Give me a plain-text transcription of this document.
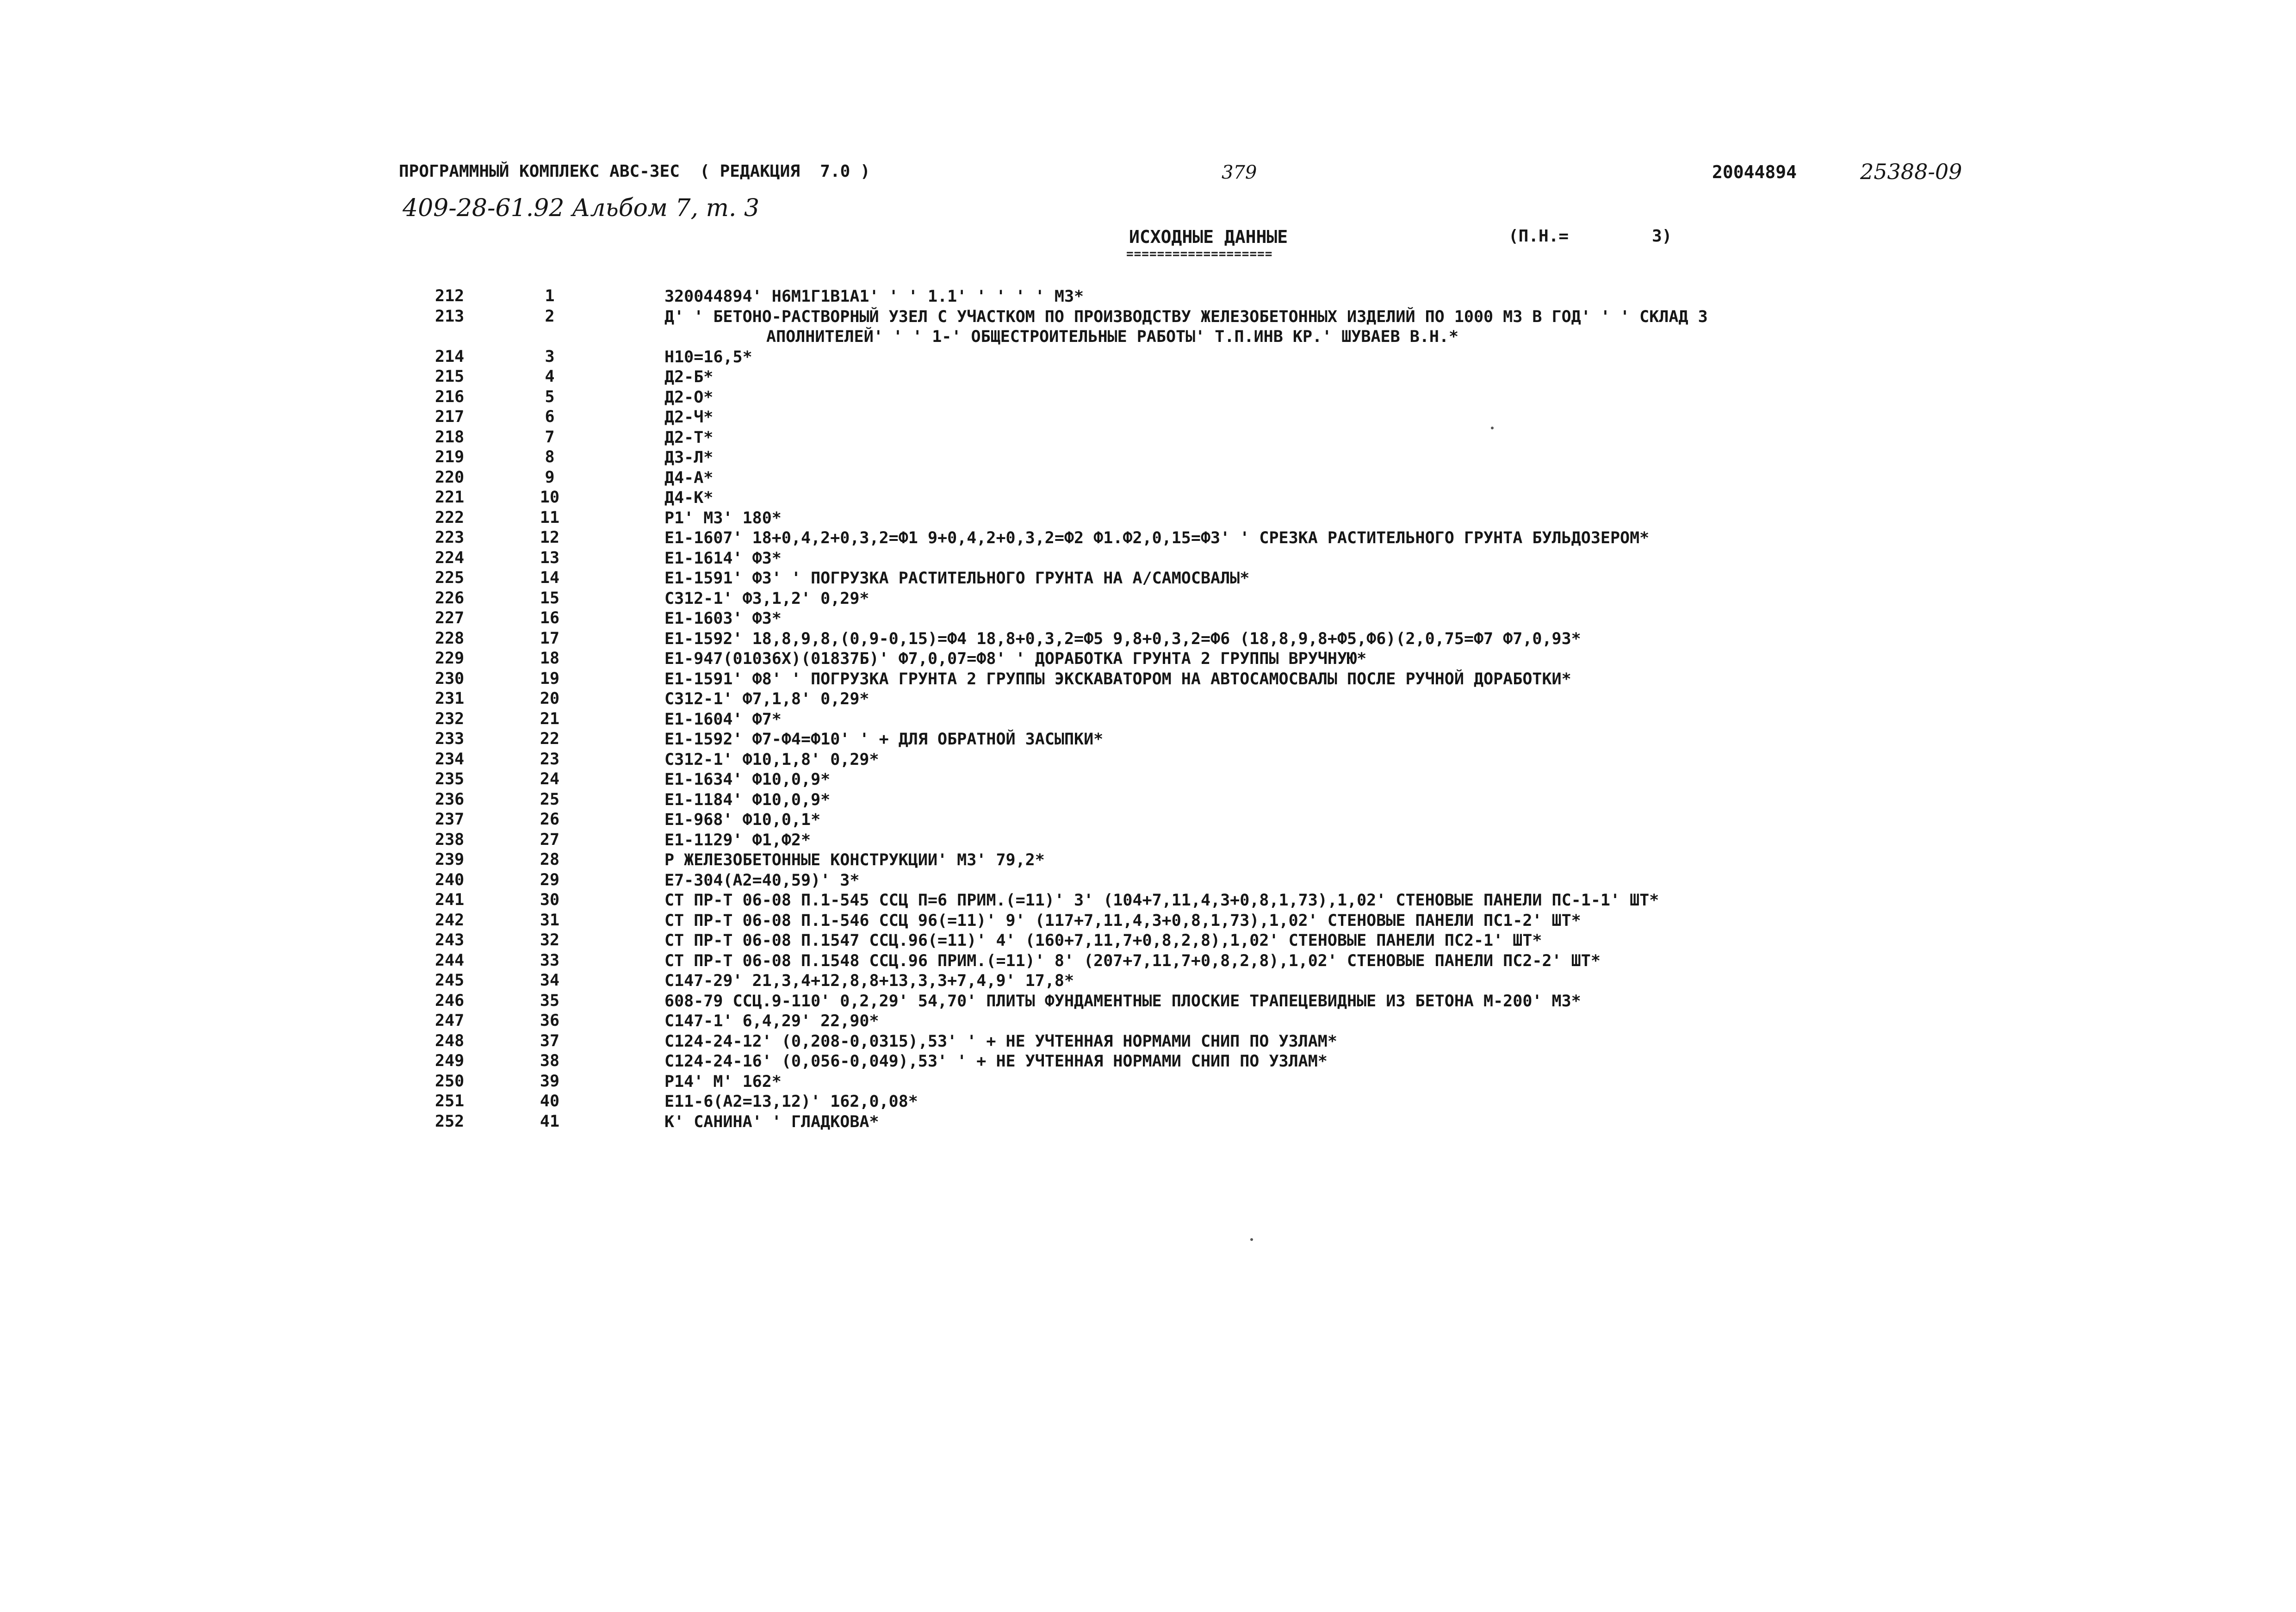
ПРОГРАММНЫЙ КОМПЛЕКС АВС-ЗЕС  ( РЕДАКЦИЯ  7.0 )	379	20044894	25388-09
409-28-61.92 Альбом 7, т. 3
ИСХОДНЫЕ ДАННЫЕ
===================
(П.Н.=	3)
212	1	320044894' Н6М1Г1В1А1' ' ' 1.1' ' ' ' ' М3*
213	2	Д' ' БЕТОНО-РАСТВОРНЫЙ УЗЕЛ С УЧАСТКОМ ПО ПРОИЗВОДСТВУ ЖЕЛЕЗОБЕТОННЫХ ИЗДЕЛИЙ ПО 1000 М3 В ГОД' ' ' СКЛАД З
АПОЛНИТЕЛЕЙ' ' ' 1-' ОБЩЕСТРОИТЕЛЬНЫЕ РАБОТЫ' Т.П.ИНВ КР.' ШУВАЕВ В.Н.*
214	3	Н10=16,5*
215	4	Д2-Б*
216	5	Д2-О*
217	6	Д2-Ч*
218	7	Д2-Т*
219	8	Д3-Л*
220	9	Д4-А*
221	10	Д4-К*
222	11	Р1' М3' 180*
223	12	Е1-1607' 18+0,4,2+0,3,2=Ф1 9+0,4,2+0,3,2=Ф2 Ф1.Ф2,0,15=Ф3' ' СРЕЗКА РАСТИТЕЛЬНОГО ГРУНТА БУЛЬДОЗЕРОМ*
224	13	Е1-1614' Ф3*
225	14	Е1-1591' Ф3' ' ПОГРУЗКА РАСТИТЕЛЬНОГО ГРУНТА НА А/САМОСВАЛЫ*
226	15	С312-1' Ф3,1,2' 0,29*
227	16	Е1-1603' Ф3*
228	17	Е1-1592' 18,8,9,8,(0,9-0,15)=Ф4 18,8+0,3,2=Ф5 9,8+0,3,2=Ф6 (18,8,9,8+Ф5,Ф6)(2,0,75=Ф7 Ф7,0,93*
229	18	Е1-947(01036Х)(01837Б)' Ф7,0,07=Ф8' ' ДОРАБОТКА ГРУНТА 2 ГРУППЫ ВРУЧНУЮ*
230	19	Е1-1591' Ф8' ' ПОГРУЗКА ГРУНТА 2 ГРУППЫ ЭКСКАВАТОРОМ НА АВТОСАМОСВАЛЫ ПОСЛЕ РУЧНОЙ ДОРАБОТКИ*
231	20	С312-1' Ф7,1,8' 0,29*
232	21	Е1-1604' Ф7*
233	22	Е1-1592' Ф7-Ф4=Ф10' ' + ДЛЯ ОБРАТНОЙ ЗАСЫПКИ*
234	23	С312-1' Ф10,1,8' 0,29*
235	24	Е1-1634' Ф10,0,9*
236	25	Е1-1184' Ф10,0,9*
237	26	Е1-968' Ф10,0,1*
238	27	Е1-1129' Ф1,Ф2*
239	28	Р ЖЕЛЕЗОБЕТОННЫЕ КОНСТРУКЦИИ' М3' 79,2*
240	29	Е7-304(А2=40,59)' 3*
241	30	СТ ПР-Т 06-08 П.1-545 ССЦ П=6 ПРИМ.(=11)' 3' (104+7,11,4,3+0,8,1,73),1,02' СТЕНОВЫЕ ПАНЕЛИ ПС-1-1' ШТ*
242	31	СТ ПР-Т 06-08 П.1-546 ССЦ 96(=11)' 9' (117+7,11,4,3+0,8,1,73),1,02' СТЕНОВЫЕ ПАНЕЛИ ПС1-2' ШТ*
243	32	СТ ПР-Т 06-08 П.1547 ССЦ.96(=11)' 4' (160+7,11,7+0,8,2,8),1,02' СТЕНОВЫЕ ПАНЕЛИ ПС2-1' ШТ*
244	33	СТ ПР-Т 06-08 П.1548 ССЦ.96 ПРИМ.(=11)' 8' (207+7,11,7+0,8,2,8),1,02' СТЕНОВЫЕ ПАНЕЛИ ПС2-2' ШТ*
245	34	С147-29' 21,3,4+12,8,8+13,3,3+7,4,9' 17,8*
246	35	608-79 ССЦ.9-110' 0,2,29' 54,70' ПЛИТЫ ФУНДАМЕНТНЫЕ ПЛОСКИЕ ТРАПЕЦЕВИДНЫЕ ИЗ БЕТОНА М-200' М3*
247	36	С147-1' 6,4,29' 22,90*
248	37	С124-24-12' (0,208-0,0315),53' ' + НЕ УЧТЕННАЯ НОРМАМИ СНИП ПО УЗЛАМ*
249	38	С124-24-16' (0,056-0,049),53' ' + НЕ УЧТЕННАЯ НОРМАМИ СНИП ПО УЗЛАМ*
250	39	Р14' М' 162*
251	40	Е11-6(А2=13,12)' 162,0,08*
252	41	К' САНИНА' ' ГЛАДКОВА*
